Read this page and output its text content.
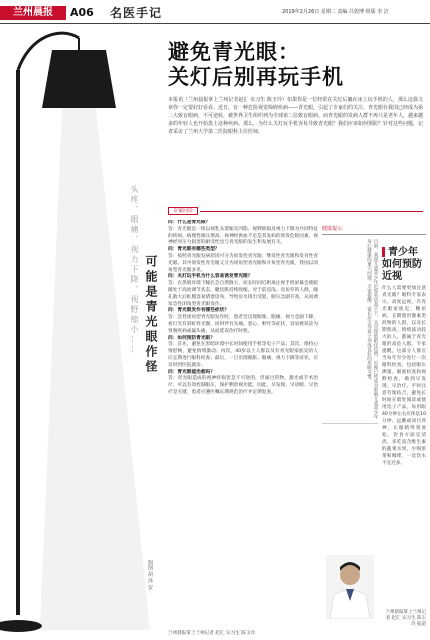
兰州晨报	A06 名医手记	2019年2月26日 星期二 责编 吕敦博 组版 李 洁
头疼、眼痛、视力下降、视野缩小…… 可能是青光眼作怪
制图 胡 泽 安
避免青光眼：
关灯后别再玩手机
本报讯（兰州晨报掌上兰州记者赵汇 实习生 陈玉玲）如果你是一位经常在关灯后躺在床上玩手机的人，那么这篇文章你一定要好好看看。近日，有一种危险视觉障碍疾病——青光眼，引起了专家们的关注。青光眼在我国已经成为第二大致盲眼病，不可逆转，被世界卫生组织列为全球第二位致盲眼病。而青光眼的发病人群不再只是老年人，越来越多的年轻人也开始患上这种疾病。那么，为什么关灯玩手机容易导致青光眼？我们应该如何预防？针对这些问题，记者采访了兰州大学第二医院眼科主任医师。
专家问诊

问：什么是青光眼？

答：青光眼是一组以视乳头萎缩及凹陷、视野缺损及视力下降为共同特征的疾病。病理性眼压增高、视神经供血不足是其发病的原发危险因素，视神经对压力损害的耐受性也与青光眼的发生和发展有关。

问：青光眼有哪些类型？

答：按照青光眼发病原因可分为原发性青光眼、继发性青光眼和发育性青光眼。其中原发性青光眼又分为闭角型青光眼和开角型青光眼，我国以闭角型青光眼多见。

问：关灯玩手机为什么容易诱发青光眼？

答：在黑暗环境下瞳孔会自然散大，而长时间近距离注视手机屏幕会使眼睛处于高度调节状态，睫状肌持续收缩，对于前房浅、房角窄的人群，瞳孔散大后虹膜容易堵塞房角，导致房水排出受阻，眼压急剧升高，从而诱发急性闭角型青光眼发作。

问：青光眼发作有哪些症状？

答：急性闭角型青光眼发作时，患者会出现眼胀、眼痛、视力急剧下降、看灯光有彩虹样光圈，同时伴有头痛、恶心、呕吐等症状，容易被误诊为胃肠疾病或偏头痛，从而延误治疗时机。

问：如何预防青光眼？

答：首先，避免在黑暗环境中长时间使用手机等电子产品；其次，保持心情舒畅，避免情绪激动；再次，40岁以上人群以及有青光眼家族史的人应定期进行眼科检查；最后，一旦出现眼胀、眼痛、视力下降等症状，应及时到医院就诊。

问：青光眼能治愈吗？

答：青光眼造成的视神经损害是不可逆的，但通过药物、激光或手术治疗，可以有效控制眼压，保护剩余视功能。因此，早发现、早诊断、早治疗是关键，患者应遵医嘱长期规范治疗并定期复查。

健康提示
目前，我国儿童青少年近视率居高不下，且呈现低龄化趋势，近视已经成为影响儿童青少年身心健康的重大问题。专家提醒，家长应引导孩子养成良好的用眼习惯。	青少年如何预防近视
什么人需要更加注意青光眼？眼科专家表示，高度远视、有青光眼家族史、糖尿病、长期使用激素类药物的人群，以及长期熬夜、情绪波动较大的人，都属于青光眼的高危人群。专家提醒，这部分人群应当每年至少进行一次眼科检查，包括眼压测量、眼底检查和视野检查，做到早发现、早治疗。平时注意劳逸结合，避免长时间在暗处阅读或使用电子产品，每用眼40分钟左右应休息10分钟，远眺或闭目养神，让眼睛得到放松。饮食方面宜清淡，多吃富含维生素的蔬菜水果，少喝浓茶和咖啡，一次饮水不宜过多。
兰州晨报掌上兰州记者 赵汇 实习生 陈玉玲 报道
兰州晨报掌上兰州记者 赵汇 实习生 陈玉玲
